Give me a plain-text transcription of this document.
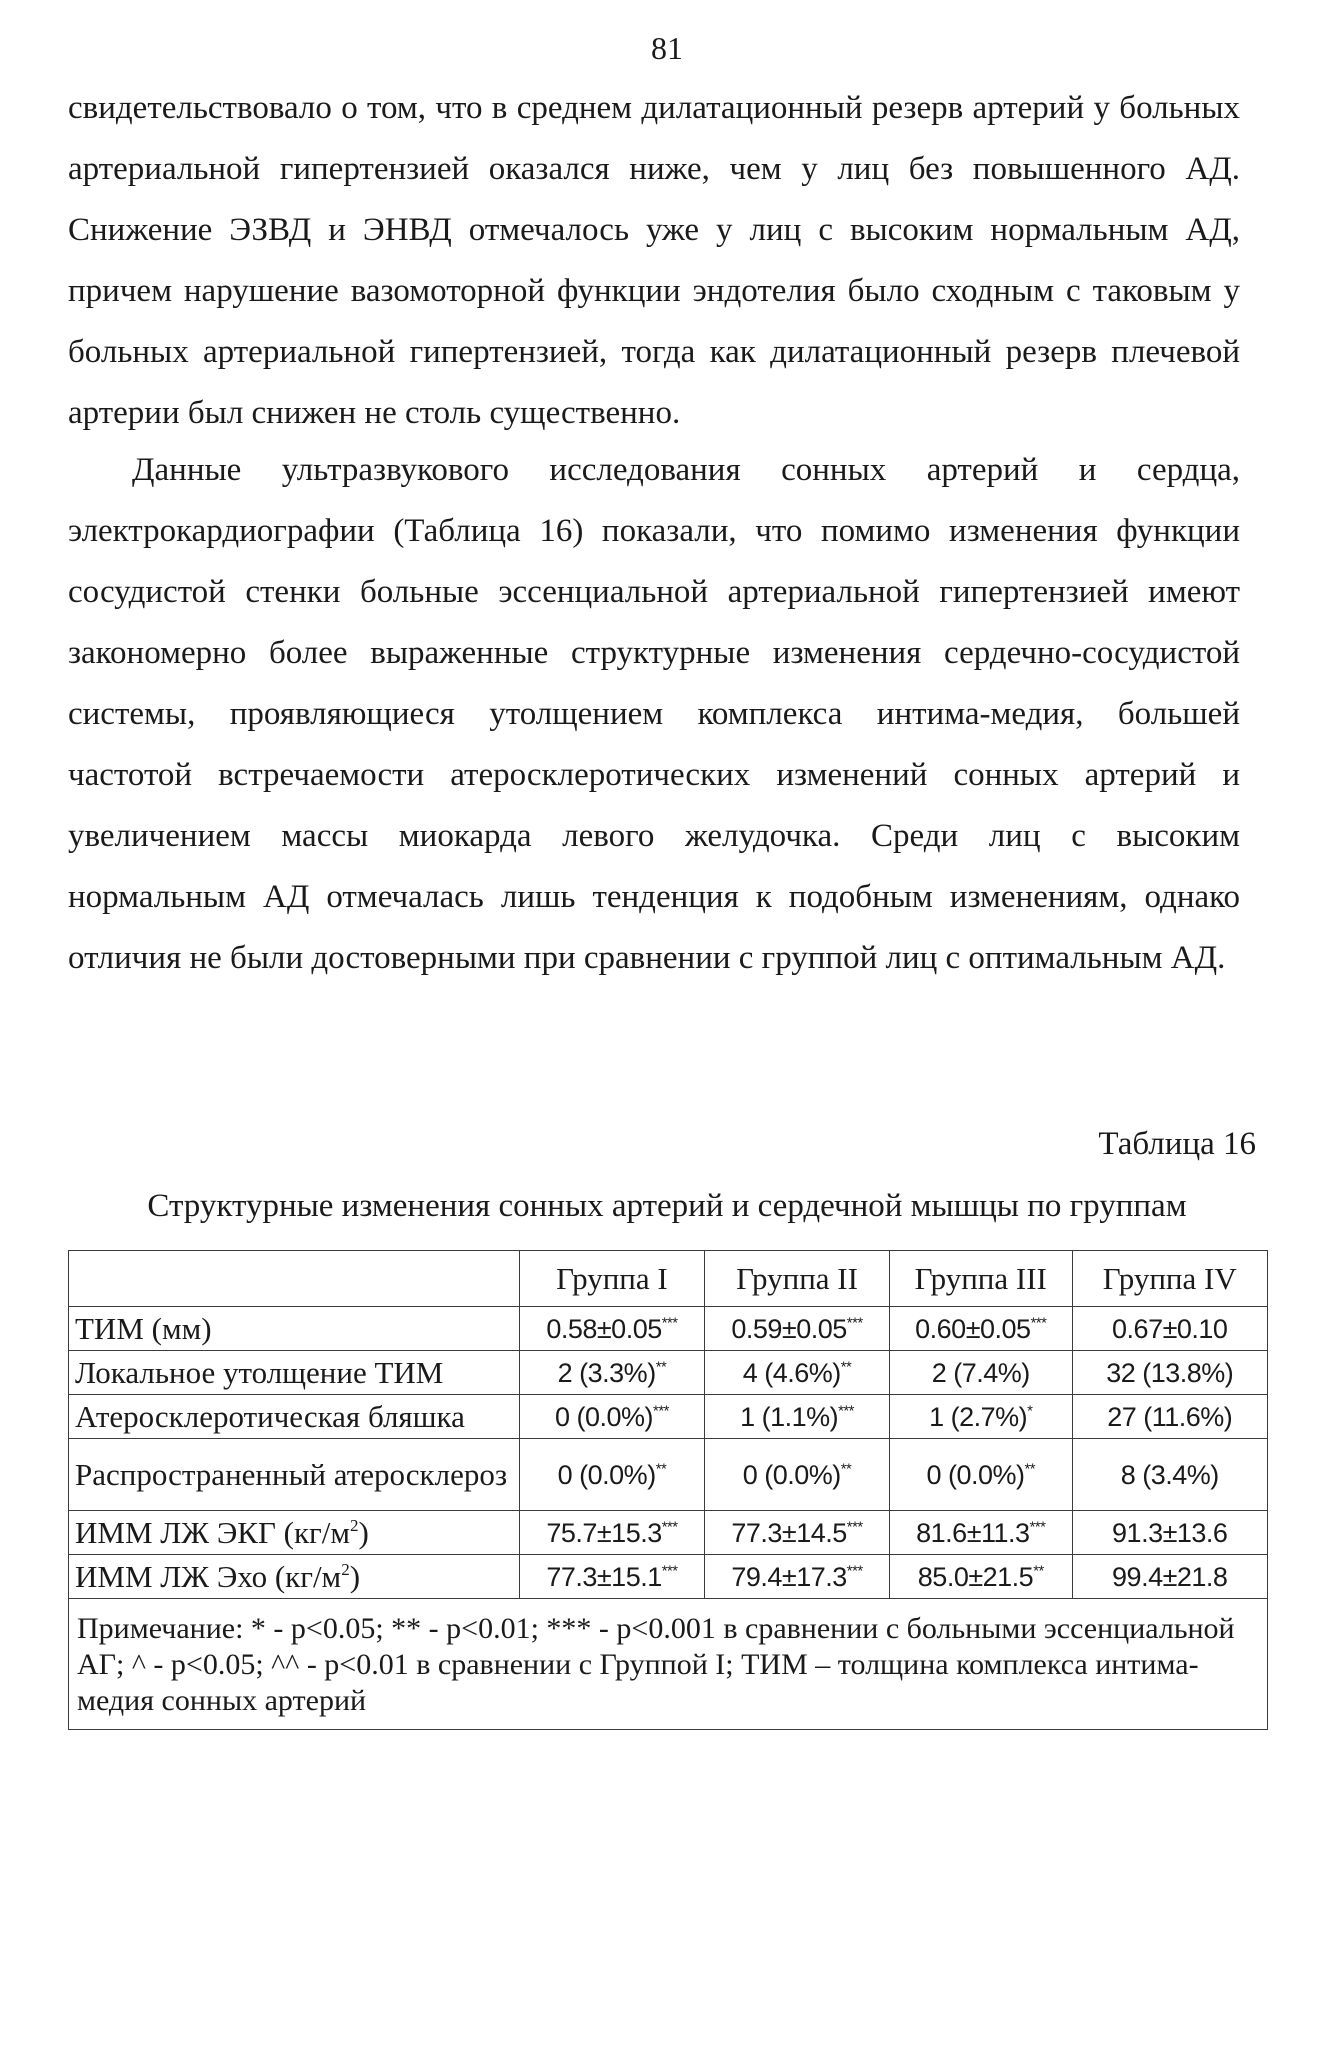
81

свидетельствовало о том, что в среднем дилатационный резерв артерий у больных артериальной гипертензией оказался ниже, чем у лиц без повышенного АД. Снижение ЭЗВД и ЭНВД отмечалось уже у лиц с высоким нормальным АД, причем нарушение вазомоторной функции эндотелия было сходным с таковым у больных артериальной гипертензией, тогда как дилатационный резерв плечевой артерии был снижен не столь существенно.

Данные ультразвукового исследования сонных артерий и сердца, электрокардиографии (Таблица 16) показали, что помимо изменения функции сосудистой стенки больные эссенциальной артериальной гипертензией имеют закономерно более выраженные структурные изменения сердечно-сосудистой системы, проявляющиеся утолщением комплекса интима-медия, большей частотой встречаемости атеросклеротических изменений сонных артерий и увеличением массы миокарда левого желудочка. Среди лиц с высоким нормальным АД отмечалась лишь тенденция к подобным изменениям, однако отличия не были достоверными при сравнении с группой лиц с оптимальным АД.

Таблица 16
Структурные изменения сонных артерий и сердечной мышцы по группам
	Группа I	Группа II	Группа III	Группа IV
ТИМ (мм)	0.58±0.05***	0.59±0.05***	0.60±0.05***	0.67±0.10
Локальное утолщение ТИМ	2 (3.3%)**	4 (4.6%)**	2 (7.4%)	32 (13.8%)
Атеросклеротическая бляшка	0 (0.0%)***	1 (1.1%)***	1 (2.7%)*	27 (11.6%)
Распространенный атеросклероз	0 (0.0%)**	0 (0.0%)**	0 (0.0%)**	8 (3.4%)
ИММ ЛЖ ЭКГ $(кг/м^2)$	75.7±15.3***	77.3±14.5***	81.6±11.3***	91.3±13.6
ИММ ЛЖ Эхо $(кг/м^2)$	77.3±15.1***	79.4±17.3***	85.0±21.5**	99.4±21.8
Примечание: * - p<0.05; ** - p<0.01; *** - p<0.001 в сравнении с больными эссенциальной АГ; ^ - p<0.05; ^^ - p<0.01 в сравнении с Группой I; ТИМ – толщина комплекса интима-медия сонных артерий				
